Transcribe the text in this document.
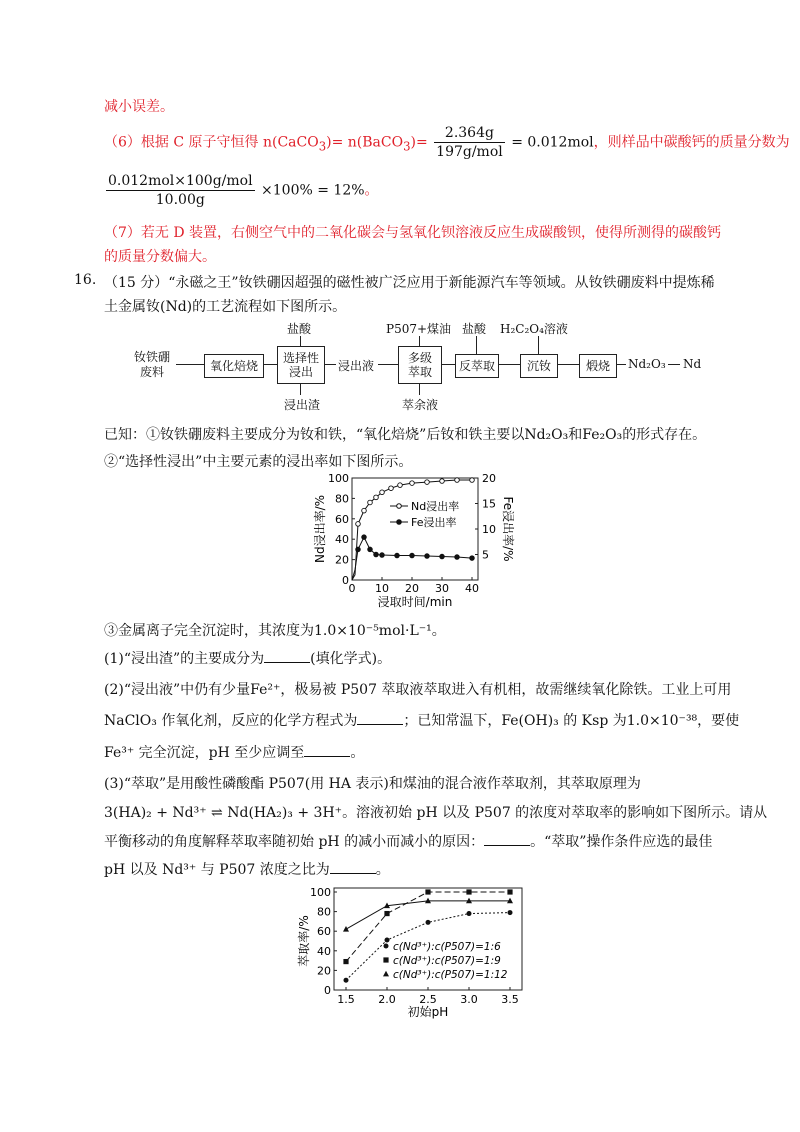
减小误差。
（6）根据 C 原子守恒得 n(CaCO$_3$)= n(BaCO$_3$)= $\frac{2.364g}{\text{197g/mol}} = 0.012mol$，则样品中碳酸钙的质量分数为
$\frac{\text{0.012mol×100g/mol}}{10.00g} \times 100\% = 12\%$。
（7）若无 D 装置，右侧空气中的二氧化碳会与氢氧化钡溶液反应生成碳酸钡，使得所测得的碳酸钙
的质量分数偏大。
16. （15 分）“永磁之王”钕铁硼因超强的磁性被广泛应用于新能源汽车等领域。从钕铁硼废料中提炼稀
土金属钕(Nd)的工艺流程如下图所示。
钕铁硼
废料	氧化焙烧
选择性
浸出
盐酸
浸出渣
浸出液
多级
萃取
P507+煤油
萃余液
反萃取
盐酸
沉钕
H₂C₂O₄溶液
煅烧	Nd₂O₃ Nd
已知：①钕铁硼废料主要成分为钕和铁，“氧化焙烧”后钕和铁主要以Nd₂O₃和Fe₂O₃的形式存在。
②“选择性浸出”中主要元素的浸出率如下图所示。
0 10 20 30 40
0
20
40
60
80
100
5
10
15
20
浸取时间/min
Nd浸出率/%	Fe浸出率/%
Nd浸出率
Fe浸出率
③金属离子完全沉淀时，其浓度为1.0×10⁻⁵mol·L⁻¹。
(1)“浸出渣”的主要成分为	(填化学式)。
(2)“浸出液”中仍有少量Fe²⁺，极易被 P507 萃取液萃取进入有机相，故需继续氧化除铁。工业上可用
NaClO₃ 作氧化剂，反应的化学方程式为	；已知常温下，Fe(OH)₃ 的 Ksp 为1.0×10⁻³⁸，要使
Fe³⁺ 完全沉淀，pH 至少应调至	。
(3)“萃取”是用酸性磷酸酯 P507(用 HA 表示)和煤油的混合液作萃取剂，其萃取原理为
3(HA)₂ + Nd³⁺ ⇌ Nd(HA₂)₃ + 3H⁺。溶液初始 pH 以及 P507 的浓度对萃取率的影响如下图所示。请从
平衡移动的角度解释萃取率随初始 pH 的减小而减小的原因：	。“萃取”操作条件应选的最佳
pH 以及 Nd³⁺ 与 P507 浓度之比为	。
1.5 2.0 2.5 3.0 3.5
0
20
40
60
80
100
初始pH
萃取率/%	c(Nd³⁺):c(P507)=1:6
c(Nd³⁺):c(P507)=1:9
c(Nd³⁺):c(P507)=1:12
